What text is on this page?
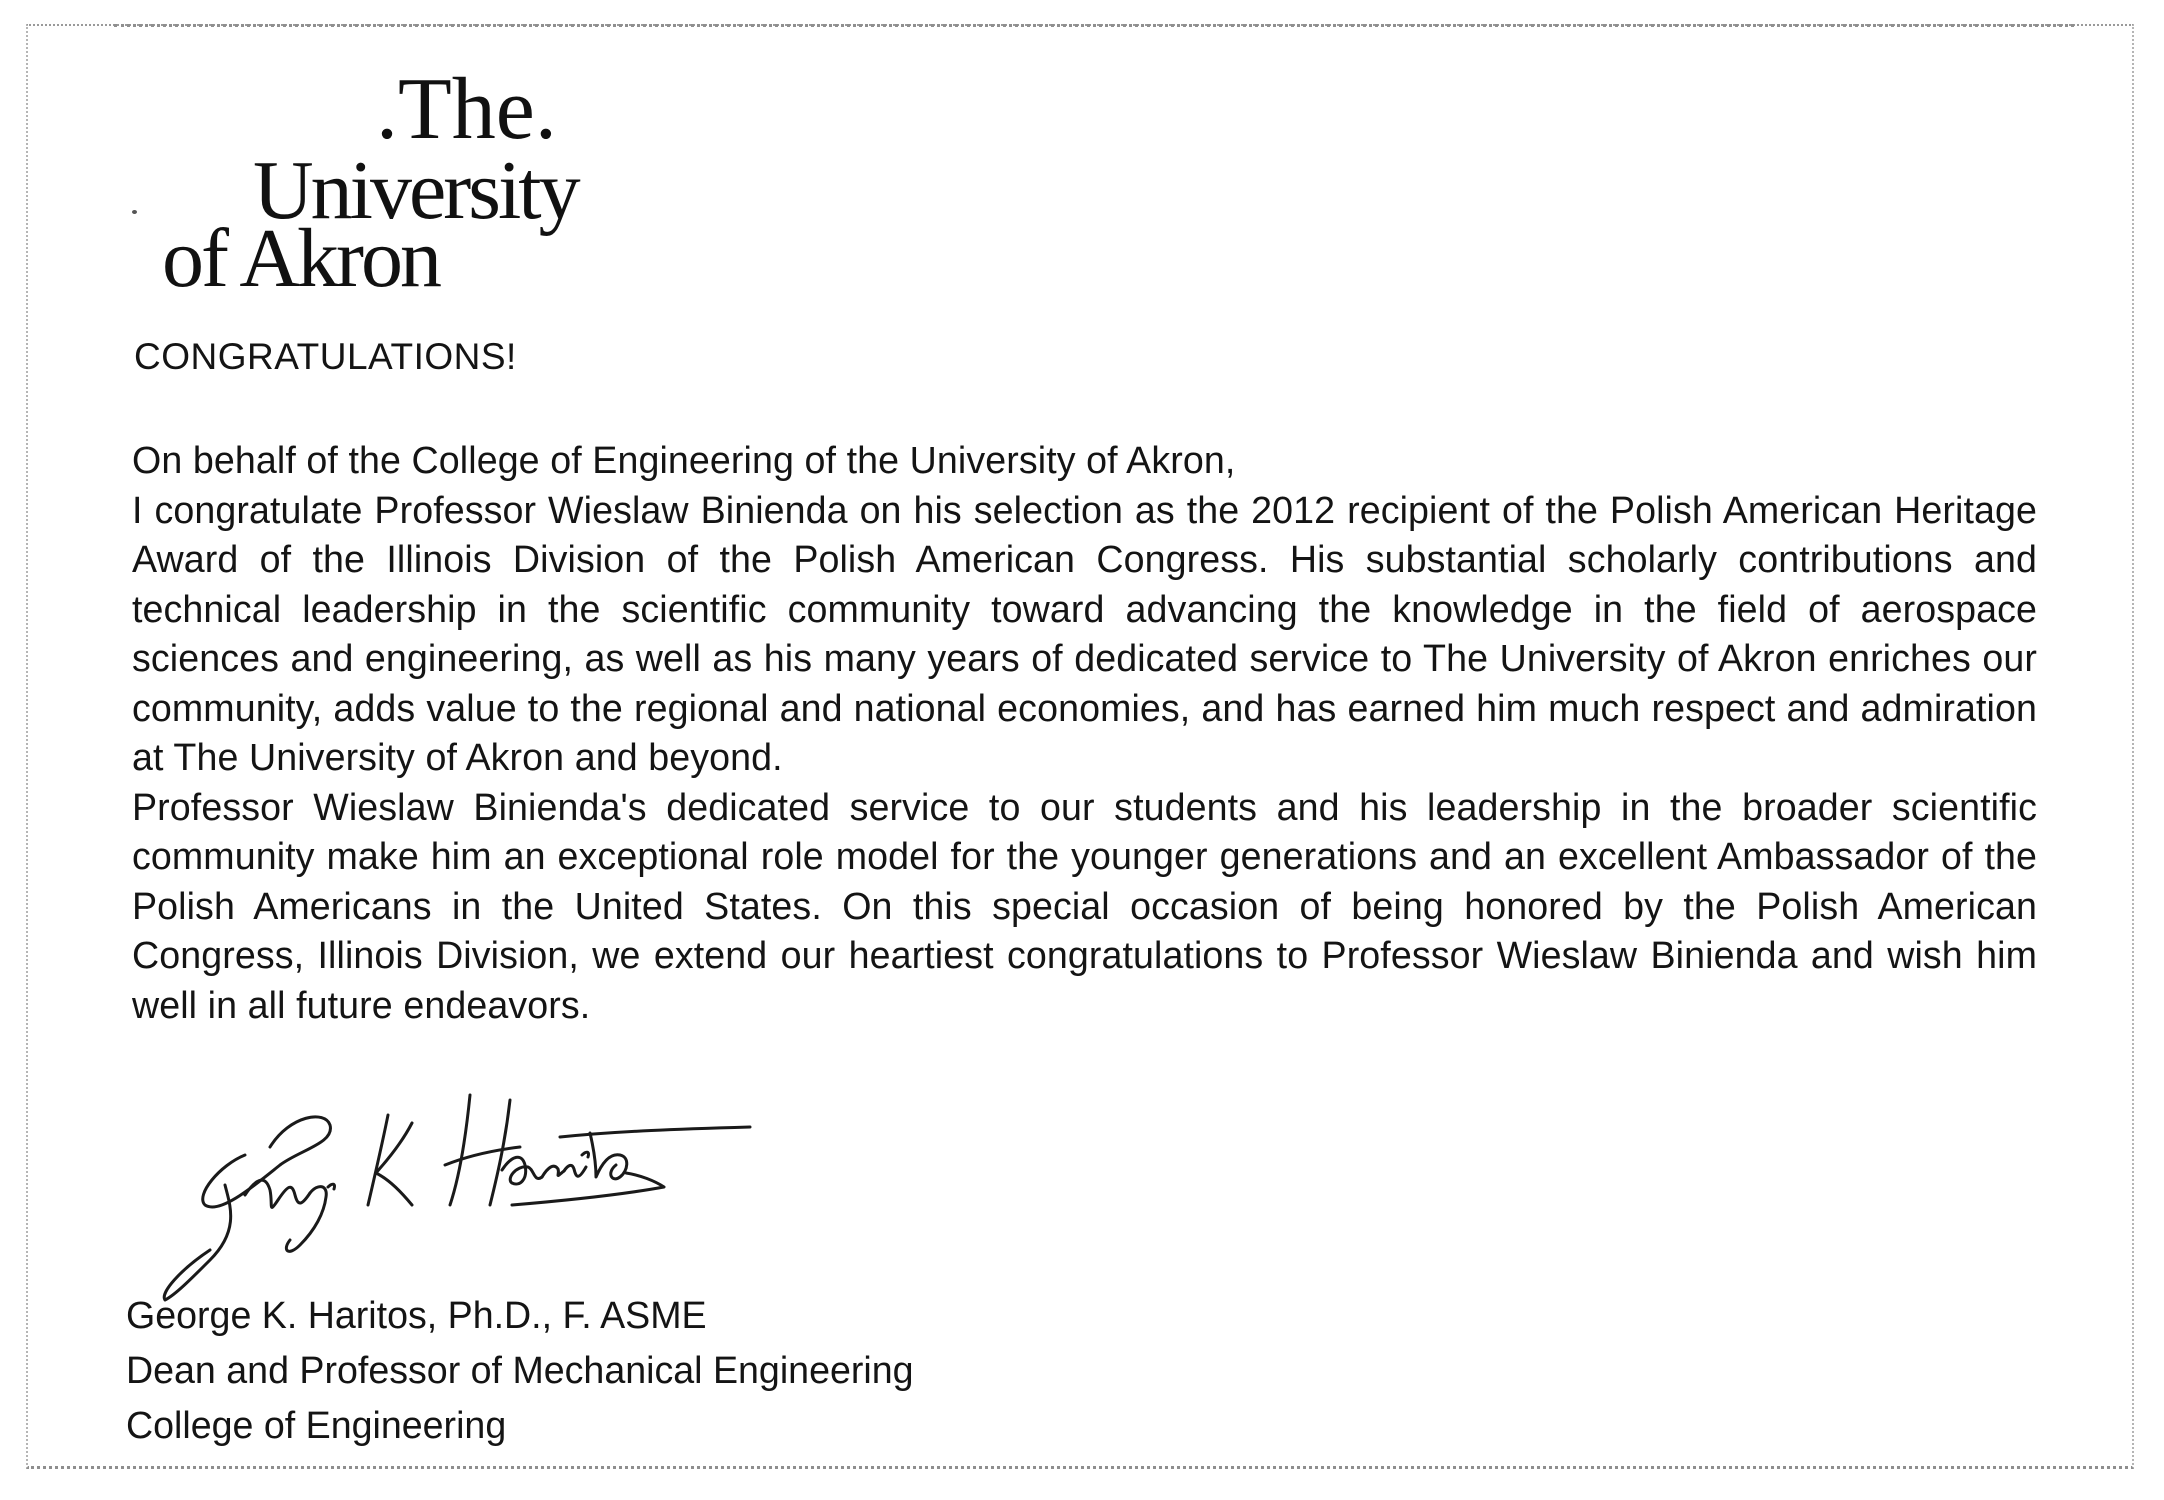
.The.
University
of Akron
CONGRATULATIONS!

On behalf of the College of Engineering of the University of Akron,

I congratulate Professor Wieslaw Binienda on his selection as the 2012 recipient of the Polish American Heritage Award of the Illinois Division of the Polish American Congress. His substantial scholarly contributions and technical leadership in the scientific community toward advancing the knowledge in the field of aerospace sciences and engineering, as well as his many years of dedicated service to The University of Akron enriches our community, adds value to the regional and national economies, and has earned him much respect and admiration at The University of Akron and beyond.

Professor Wieslaw Binienda's dedicated service to our students and his leadership in the broader scientific community make him an exceptional role model for the younger generations and an excellent Ambassador of the Polish Americans in the United States. On this special occasion of being honored by the Polish American Congress, Illinois Division, we extend our heartiest congratulations to Professor Wieslaw Binienda and wish him well in all future endeavors.

George K. Haritos, Ph.D., F. ASME
Dean and Professor of Mechanical Engineering
College of Engineering
